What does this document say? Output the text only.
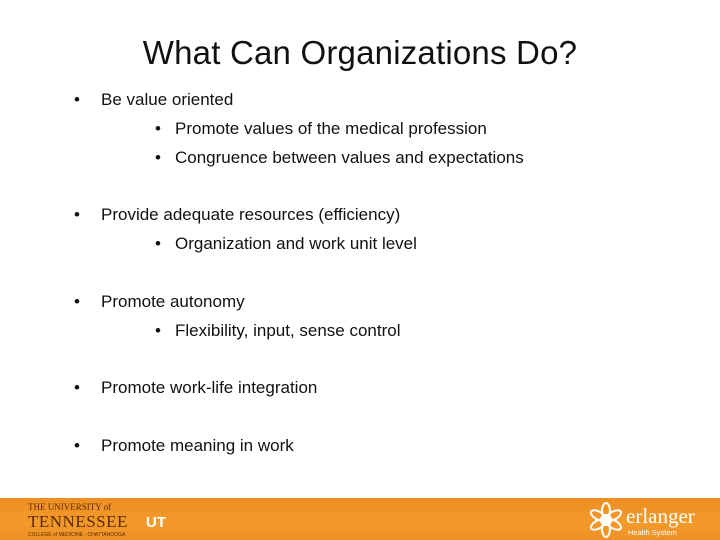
What Can Organizations Do?
• Be value oriented
• Promote values of the medical profession
• Congruence between values and expectations
• Provide adequate resources (efficiency)
• Organization and work unit level
• Promote autonomy
• Flexibility, input, sense control
• Promote work-life integration
• Promote meaning in work
THE UNIVERSITY of
TENNESSEE
COLLEGE of MEDICINE · CHATTANOOGA
UT	erlanger
Health System
